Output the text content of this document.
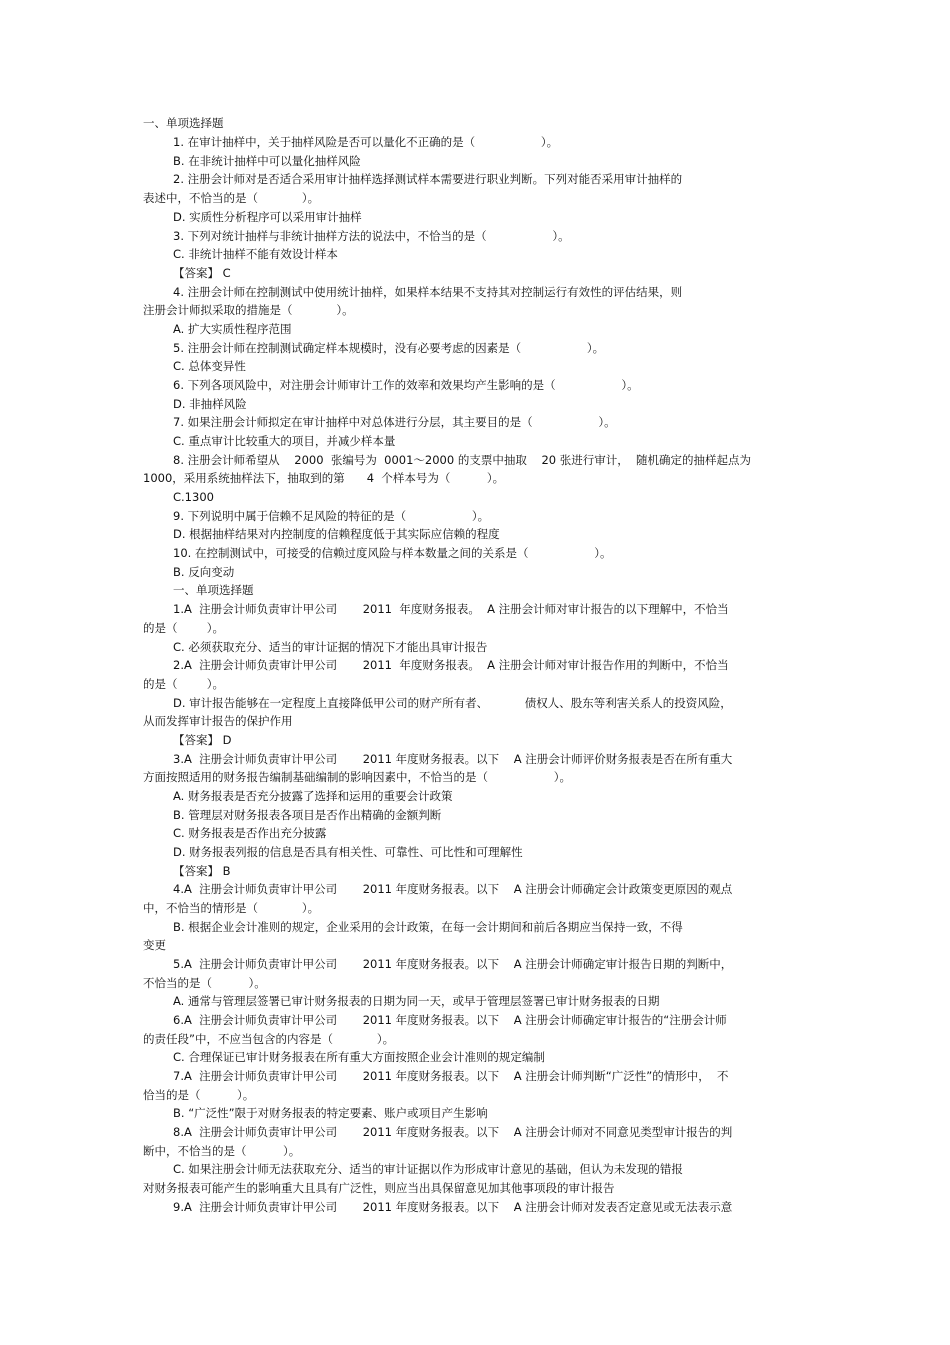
一、单项选择题
1. 在审计抽样中，关于抽样风险是否可以量化不正确的是（                  ）。
B. 在非统计抽样中可以量化抽样风险
2. 注册会计师对是否适合采用审计抽样选择测试样本需要进行职业判断。下列对能否采用审计抽样的
表述中，不恰当的是（            ）。
D. 实质性分析程序可以采用审计抽样
3. 下列对统计抽样与非统计抽样方法的说法中，不恰当的是（                  ）。
C. 非统计抽样不能有效设计样本
【答案】 C
4. 注册会计师在控制测试中使用统计抽样，如果样本结果不支持其对控制运行有效性的评估结果，则
注册会计师拟采取的措施是（            ）。
A. 扩大实质性程序范围
5. 注册会计师在控制测试确定样本规模时，没有必要考虑的因素是（                  ）。
C. 总体变异性
6. 下列各项风险中，对注册会计师审计工作的效率和效果均产生影响的是（                  ）。
D. 非抽样风险
7. 如果注册会计师拟定在审计抽样中对总体进行分层，其主要目的是（                  ）。
C. 重点审计比较重大的项目，并减少样本量
8. 注册会计师希望从    2000  张编号为  0001～2000 的支票中抽取    20 张进行审计，  随机确定的抽样起点为
1000，采用系统抽样法下，抽取到的第      4  个样本号为（          ）。
C.1300
9. 下列说明中属于信赖不足风险的特征的是（                  ）。
D. 根据抽样结果对内控制度的信赖程度低于其实际应信赖的程度
10. 在控制测试中，可接受的信赖过度风险与样本数量之间的关系是（                  ）。
B. 反向变动
一、单项选择题
1.A  注册会计师负责审计甲公司       2011  年度财务报表。  A 注册会计师对审计报告的以下理解中，不恰当
的是（        ）。
C. 必须获取充分、适当的审计证据的情况下才能出具审计报告
2.A  注册会计师负责审计甲公司       2011  年度财务报表。  A 注册会计师对审计报告作用的判断中，不恰当
的是（        ）。
D. 审计报告能够在一定程度上直接降低甲公司的财产所有者、          债权人、股东等利害关系人的投资风险，
从而发挥审计报告的保护作用
【答案】 D
3.A  注册会计师负责审计甲公司       2011 年度财务报表。以下    A 注册会计师评价财务报表是否在所有重大
方面按照适用的财务报告编制基础编制的影响因素中，不恰当的是（                  ）。
A. 财务报表是否充分披露了选择和运用的重要会计政策
B. 管理层对财务报表各项目是否作出精确的金额判断
C. 财务报表是否作出充分披露
D. 财务报表列报的信息是否具有相关性、可靠性、可比性和可理解性
【答案】 B
4.A  注册会计师负责审计甲公司       2011 年度财务报表。以下    A 注册会计师确定会计政策变更原因的观点
中，不恰当的情形是（            ）。
B. 根据企业会计准则的规定，企业采用的会计政策，在每一会计期间和前后各期应当保持一致，不得
变更
5.A  注册会计师负责审计甲公司       2011 年度财务报表。以下    A 注册会计师确定审计报告日期的判断中，
不恰当的是（          ）。
A. 通常与管理层签署已审计财务报表的日期为同一天，或早于管理层签署已审计财务报表的日期
6.A  注册会计师负责审计甲公司       2011 年度财务报表。以下    A 注册会计师确定审计报告的“注册会计师
的责任段”中，不应当包含的内容是（            ）。
C. 合理保证已审计财务报表在所有重大方面按照企业会计准则的规定编制
7.A  注册会计师负责审计甲公司       2011 年度财务报表。以下    A 注册会计师判断“广泛性”的情形中，  不
恰当的是（          ）。
B. “广泛性”限于对财务报表的特定要素、账户或项目产生影响
8.A  注册会计师负责审计甲公司       2011 年度财务报表。以下    A 注册会计师对不同意见类型审计报告的判
断中，不恰当的是（          ）。
C. 如果注册会计师无法获取充分、适当的审计证据以作为形成审计意见的基础，但认为未发现的错报
对财务报表可能产生的影响重大且具有广泛性，则应当出具保留意见加其他事项段的审计报告
9.A  注册会计师负责审计甲公司       2011 年度财务报表。以下    A 注册会计师对发表否定意见或无法表示意
